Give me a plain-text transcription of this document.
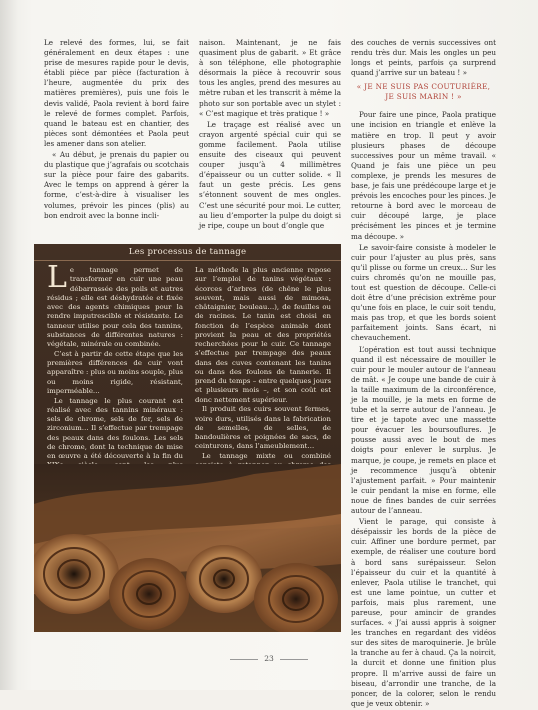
Le relevé des formes, lui, se fait généralement en deux étapes : une prise de mesures rapide pour le devis, établi pièce par pièce (facturation à l’heure, augmentée du prix des matières premières), puis une fois le devis validé, Paola revient à bord faire le relevé de formes complet. Parfois, quand le bateau est en chantier, des pièces sont démontées et Paola peut les amener dans son atelier.

« Au début, je prenais du papier ou du plastique que j’agrafais ou scotchais sur la pièce pour faire des gabarits. Avec le temps on apprend à gérer la forme, c’est-à-dire à visualiser les volumes, prévoir les pinces (plis) au bon endroit avec la bonne incli-

naison. Maintenant, je ne fais quasiment plus de gabarit. » Et grâce à son téléphone, elle photographie désormais la pièce à recouvrir sous tous les angles, prend des mesures au mètre ruban et les transcrit à même la photo sur son portable avec un stylet : « C’est magique et très pratique ! »

Le traçage est réalisé avec un crayon argenté spécial cuir qui se gomme facilement. Paola utilise ensuite des ciseaux qui peuvent couper jusqu’à 4 millimètres d’épaisseur ou un cutter solide. « Il faut un geste précis. Les gens s’étonnent souvent de mes ongles. C’est une sécurité pour moi. Le cutter, au lieu d’emporter la pulpe du doigt si je ripe, coupe un bout d’ongle que

des couches de vernis successives ont rendu très dur. Mais les ongles un peu longs et peints, parfois ça surprend quand j’arrive sur un bateau ! »

« JE NE SUIS PAS COUTURIÈRE,
JE SUIS MARIN ! »

Pour faire une pince, Paola pratique une incision en triangle et enlève la matière en trop. Il peut y avoir plusieurs phases de découpe successives pour un même travail. « Quand je fais une pièce un peu complexe, je prends les mesures de base, je fais une prédécoupe large et je prévois les encoches pour les pinces. Je retourne à bord avec le morceau de cuir découpé large, je place précisément les pinces et je termine ma découpe. »

Le savoir-faire consiste à modeler le cuir pour l’ajuster au plus près, sans qu’il plisse ou forme un creux… Sur les cuirs chromés qu’on ne mouille pas, tout est question de découpe. Celle-ci doit être d’une précision extrême pour qu’une fois en place, le cuir soit tendu, mais pas trop, et que les bords soient parfaitement joints. Sans écart, ni chevauchement.

L’opération est tout aussi technique quand il est nécessaire de mouiller le cuir pour le mouler autour de l’anneau de mât. « Je coupe une bande de cuir à la taille maximum de la circonférence, je la mouille, je la mets en forme de tube et la serre autour de l’anneau. Je tire et je tapote avec une massette pour évacuer les boursouflures. Je pousse aussi avec le bout de mes doigts pour enlever le surplus. Je marque, je coupe, je remets en place et je recommence jusqu’à obtenir l’ajustement parfait. » Pour maintenir le cuir pendant la mise en forme, elle noue de fines bandes de cuir serrées autour de l’anneau.

Vient le parage, qui consiste à désépaissir les bords de la pièce de cuir. Affiner une bordure permet, par exemple, de réaliser une couture bord à bord sans surépaisseur. Selon l’épaisseur du cuir et la quantité à enlever, Paola utilise le tranchet, qui est une lame pointue, un cutter et parfois, mais plus rarement, une pareuse, pour amincir de grandes surfaces. « J’ai aussi appris à soigner les tranches en regardant des vidéos sur des sites de maroquinerie. Je brûle la tranche au fer à chaud. Ça la noircit, la durcit et donne une finition plus propre. Il m’arrive aussi de faire un biseau, d’arrondir une tranche, de la poncer, de la colorer, selon le rendu que je veux obtenir. »

Les processus de tannage

Le tannage permet de transformer en cuir une peau débarrassée des poils et autres résidus ; elle est déshydratée et fixée avec des agents chimiques pour la rendre imputrescible et résistante. Le tanneur utilise pour cela des tannins, substances de différentes natures : végétale, minérale ou combinée.

C’est à partir de cette étape que les premières différences de cuir vont apparaître : plus ou moins souple, plus ou moins rigide, résistant, imperméable…

Le tannage le plus courant est réalisé avec des tannins minéraux : sels de chrome, sels de fer, sels de zirconium… Il s’effectue par trempage des peaux dans des foulons. Les sels de chrome, dont la technique de mise en œuvre a été découverte à la fin du

La méthode la plus ancienne repose sur l’emploi de tanins végétaux : écorces d’arbres (de chêne le plus souvent, mais aussi de mimosa, châtaignier, bouleau…), de feuilles ou de racines. Le tanin est choisi en fonction de l’espèce animale dont provient la peau et des propriétés recherchées pour le cuir. Ce tannage s’effectue par trempage des peaux dans des cuves contenant les tanins ou dans des foulons de tannerie. Il prend du temps – entre quelques jours et plusieurs mois –, et son coût est donc nettement supérieur.

Il produit des cuirs souvent fermes, voire durs, utilisés dans la fabrication de semelles, de selles, de bandoulières et poignées de sacs, de ceinturons, dans l’ameublement…

Le tannage mixte ou combiné

23
